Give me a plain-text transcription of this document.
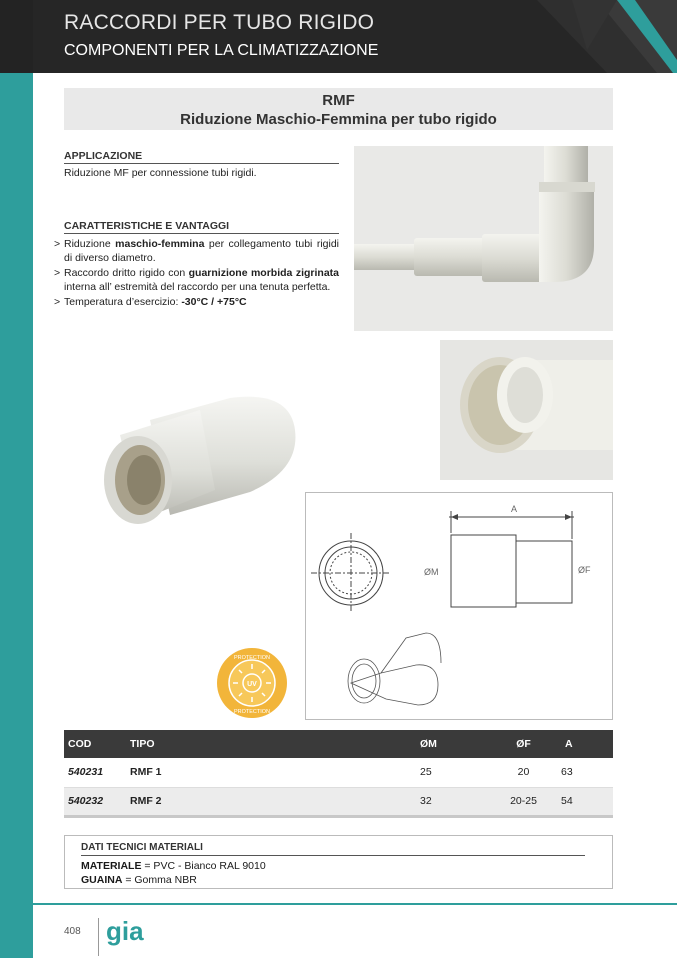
RACCORDI PER TUBO RIGIDO
COMPONENTI PER LA CLIMATIZZAZIONE
RMF
Riduzione Maschio-Femmina per tubo rigido
APPLICAZIONE
Riduzione MF per connessione tubi rigidi.
CARATTERISTICHE E VANTAGGI
> Riduzione maschio-femmina per collegamento tubi rigidi di diverso diametro.
> Raccordo dritto rigido con guarnizione morbida zigrinata interna all’ estremità del raccordo per una tenuta perfetta.
> Temperatura d’esercizio: -30°C / +75°C
A
ØM	ØF
UV
PROTECTION
PROTECTION
COD	TIPO	ØM	ØF	A
540231	RMF 1	25	20	63
540232	RMF 2	32	20-25	54
DATI TECNICI MATERIALI
MATERIALE = PVC - Bianco RAL 9010
GUAINA = Gomma NBR
408 gia
